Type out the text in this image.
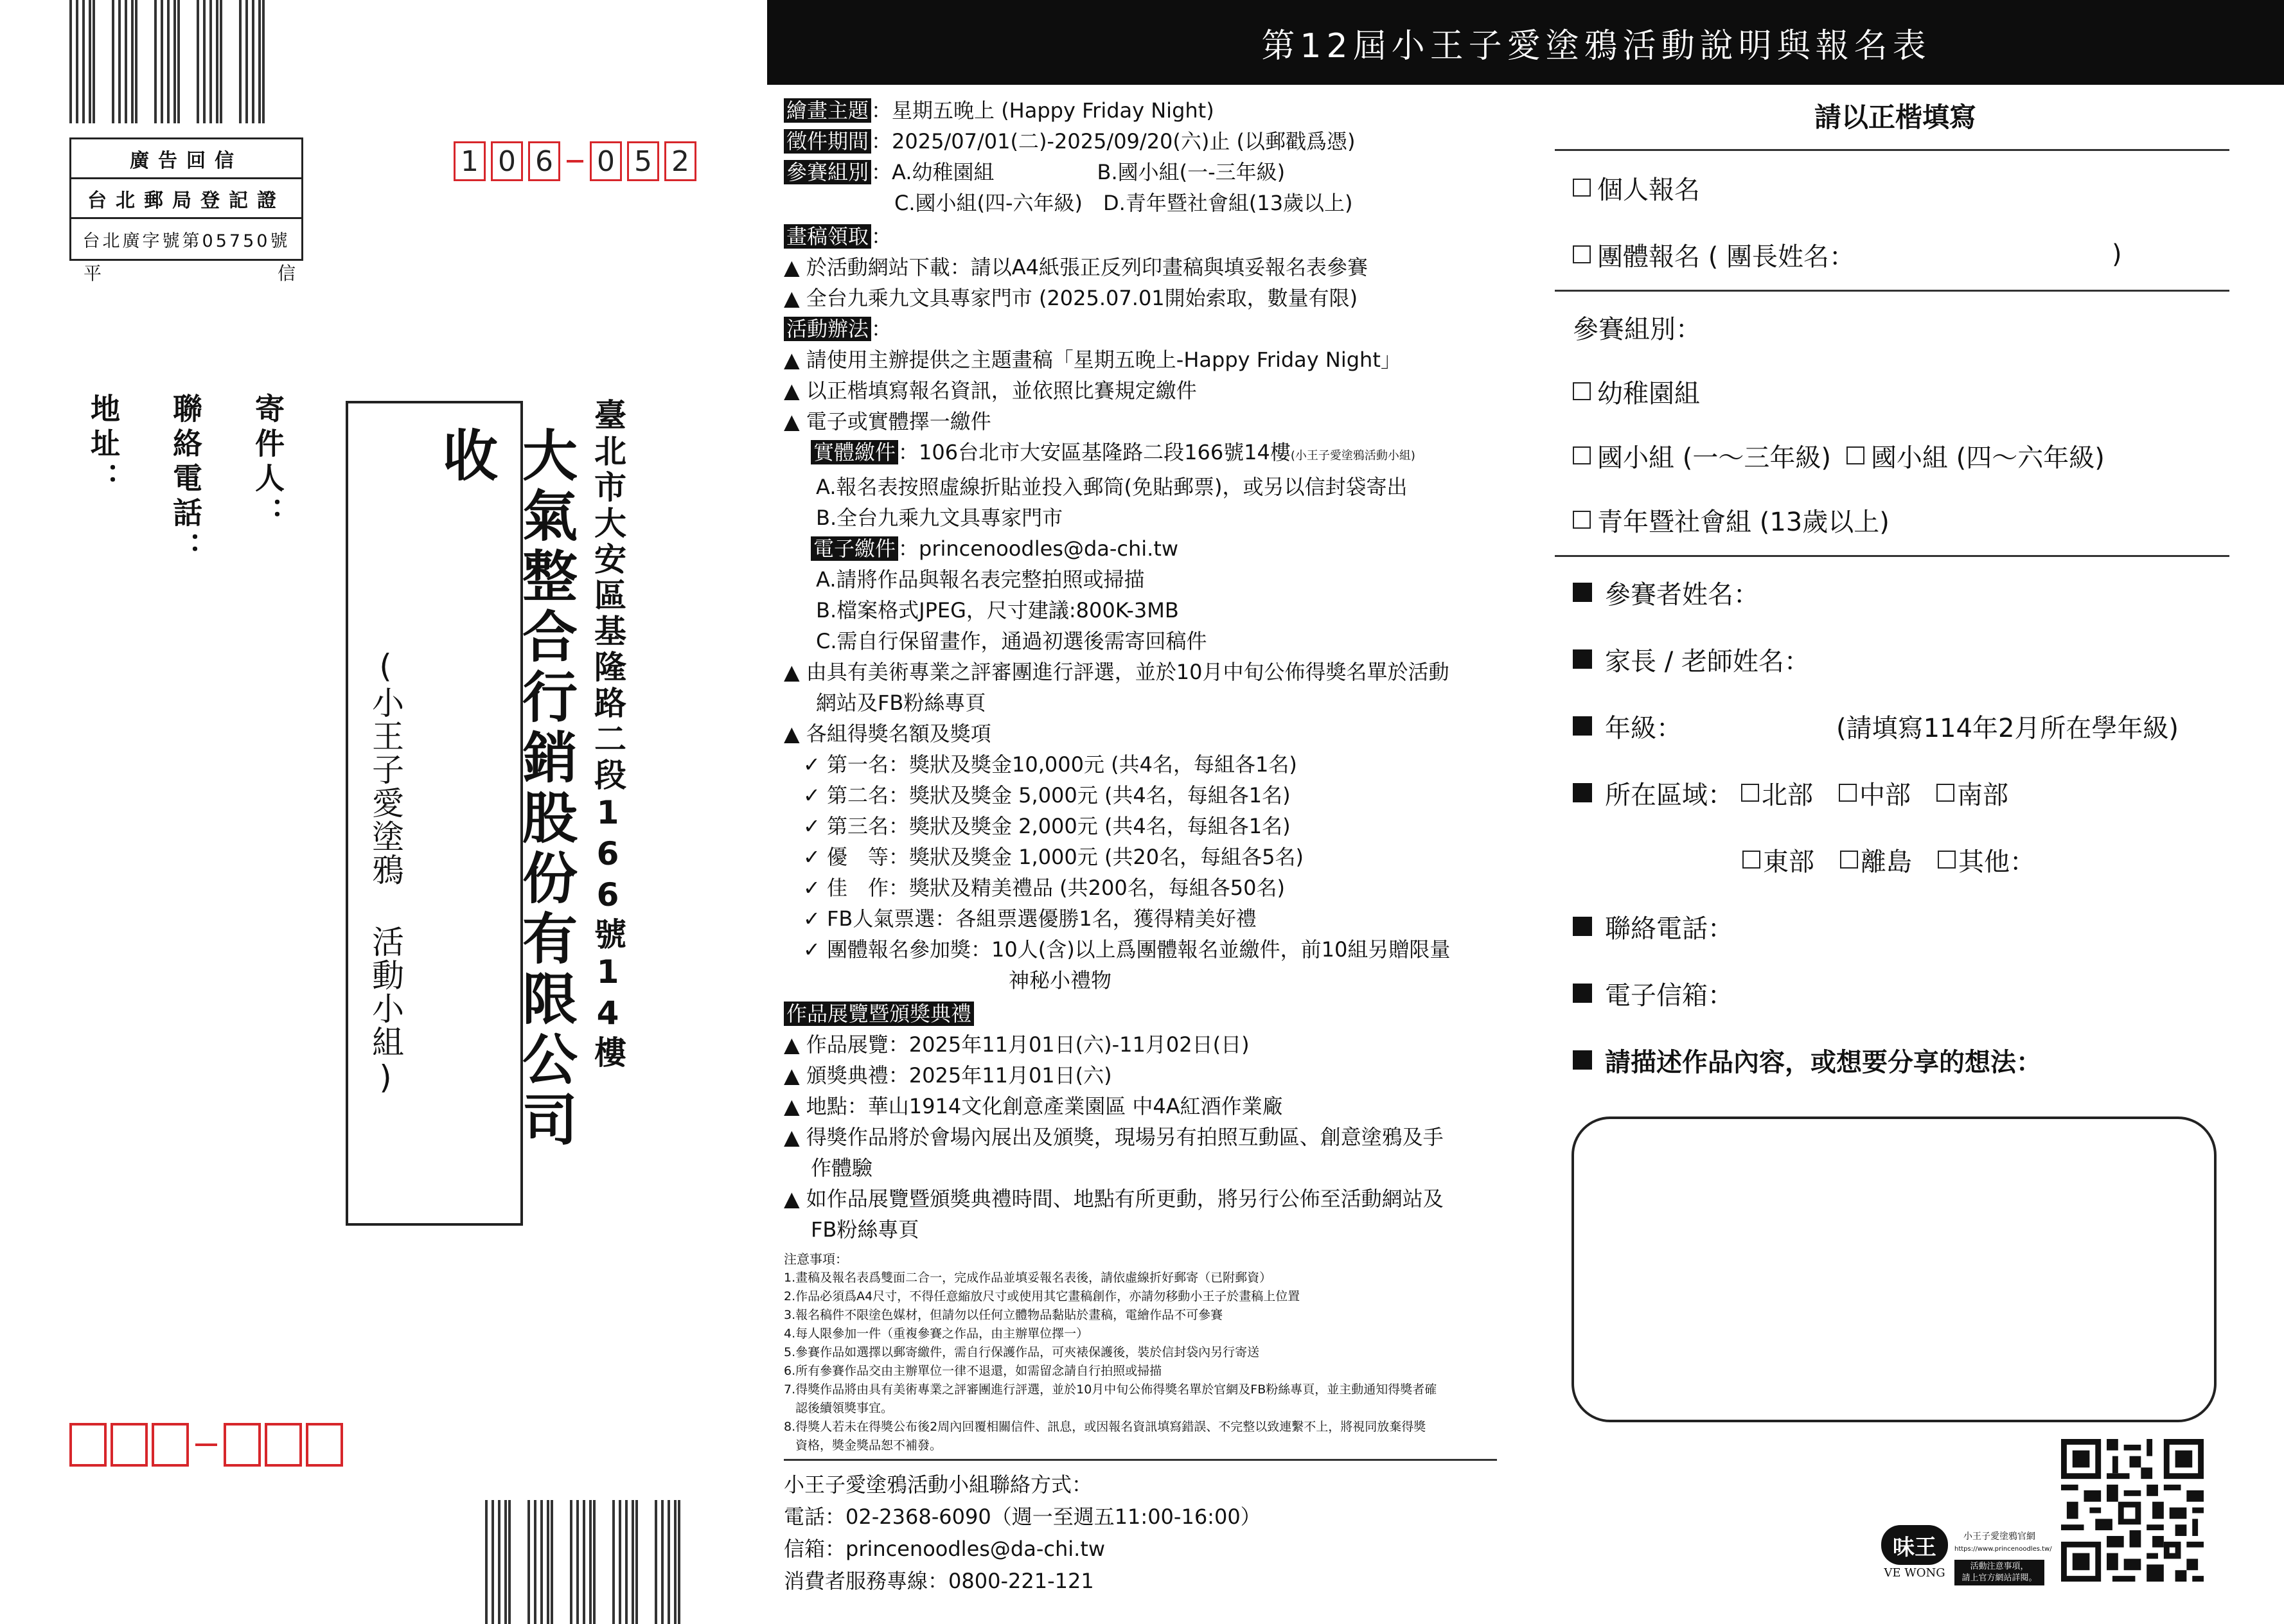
廣告回信
台北郵局登記證
台北廣字號第05750號
平	信
1 0 6 0 5 2
地址： 聯絡電話： 寄件人：	大氣整合行銷股份有限公司　收
(小王子愛塗鴉 活動小組)	臺北市大安區基隆路二段166號14樓
第12屆小王子愛塗鴉活動說明與報名表
繪畫主題 ：星期五晚上 (Happy Friday Night)
徵件期間 ：2025/07/01(二)-2025/09/20(六)止 (以郵戳爲憑)
參賽組別 ：A.幼稚園組　　　　　B.國小組(一-三年級)
C.國小組(四-六年級)　D.青年暨社會組(13歲以上)
畫稿領取 ：
▲ 於活動網站下載：請以A4紙張正反列印畫稿與填妥報名表參賽
▲ 全台九乘九文具專家門市 (2025.07.01開始索取，數量有限)
活動辦法 ：
▲ 請使用主辦提供之主題畫稿「星期五晚上-Happy Friday Night」
▲ 以正楷填寫報名資訊，並依照比賽規定繳件
▲ 電子或實體擇一繳件
實體繳件 ：106台北市大安區基隆路二段166號14樓(小王子愛塗鴉活動小組)
A.報名表按照虛線折貼並投入郵筒(免貼郵票)，或另以信封袋寄出
B.全台九乘九文具專家門市
電子繳件 ：princenoodles@da-chi.tw
A.請將作品與報名表完整拍照或掃描
B.檔案格式JPEG，尺寸建議:800K-3MB
C.需自行保留畫作，通過初選後需寄回稿件
▲ 由具有美術專業之評審團進行評選，並於10月中旬公佈得獎名單於活動
網站及FB粉絲專頁
▲ 各組得獎名額及獎項
✓ 第一名：獎狀及獎金10,000元 (共4名，每組各1名)
✓ 第二名：獎狀及獎金 5,000元 (共4名，每組各1名)
✓ 第三名：獎狀及獎金 2,000元 (共4名，每組各1名)
✓ 優　等：獎狀及獎金 1,000元 (共20名，每組各5名)
✓ 佳　作：獎狀及精美禮品 (共200名，每組各50名)
✓ FB人氣票選：各組票選優勝1名，獲得精美好禮
✓ 團體報名參加獎：10人(含)以上爲團體報名並繳件，前10組另贈限量
神秘小禮物
作品展覽暨頒獎典禮
▲ 作品展覽：2025年11月01日(六)-11月02日(日)
▲ 頒獎典禮：2025年11月01日(六)
▲ 地點：華山1914文化創意產業園區 中4A紅酒作業廠
▲ 得獎作品將於會場內展出及頒獎，現場另有拍照互動區、創意塗鴉及手
作體驗
▲ 如作品展覽暨頒獎典禮時間、地點有所更動，將另行公佈至活動網站及
FB粉絲專頁
注意事項：
1.畫稿及報名表爲雙面二合一，完成作品並填妥報名表後，請依虛線折好郵寄（已附郵資）
2.作品必須爲A4尺寸，不得任意縮放尺寸或使用其它畫稿創作，亦請勿移動小王子於畫稿上位置
3.報名稿件不限塗色媒材，但請勿以任何立體物品黏貼於畫稿，電繪作品不可參賽
4.每人限參加一件（重複參賽之作品，由主辦單位擇一）
5.參賽作品如選擇以郵寄繳件，需自行保護作品，可夾裱保護後，裝於信封袋內另行寄送
6.所有參賽作品交由主辦單位一律不退還，如需留念請自行拍照或掃描
7.得獎作品將由具有美術專業之評審團進行評選，並於10月中旬公佈得獎名單於官網及FB粉絲專頁，並主動通知得獎者確
認後續領獎事宜。
8.得獎人若未在得獎公布後2周內回覆相關信件、訊息，或因報名資訊填寫錯誤、不完整以致連繫不上，將視同放棄得獎
資格，獎金獎品恕不補發。
小王子愛塗鴉活動小組聯絡方式：
電話：02-2368-6090（週一至週五11:00-16:00）
信箱：princenoodles@da-chi.tw
消費者服務專線：0800-221-121
請以正楷填寫
個人報名
團體報名 ( 團長姓名：	)
參賽組別：
幼稚園組
國小組 (一～三年級) 國小組 (四～六年級)
青年暨社會組 (13歲以上)
參賽者姓名：
家長 / 老師姓名：
年級：	(請填寫114年2月所在學年級)
所在區域： 北部 中部 南部
東部 離島 其他：
聯絡電話：
電子信箱：
請描述作品內容，或想要分享的想法：
味王
VE WONG
小王子愛塗鴉官網
https://www.princenoodles.tw/
活動注意事項，
請上官方網站詳閱。
